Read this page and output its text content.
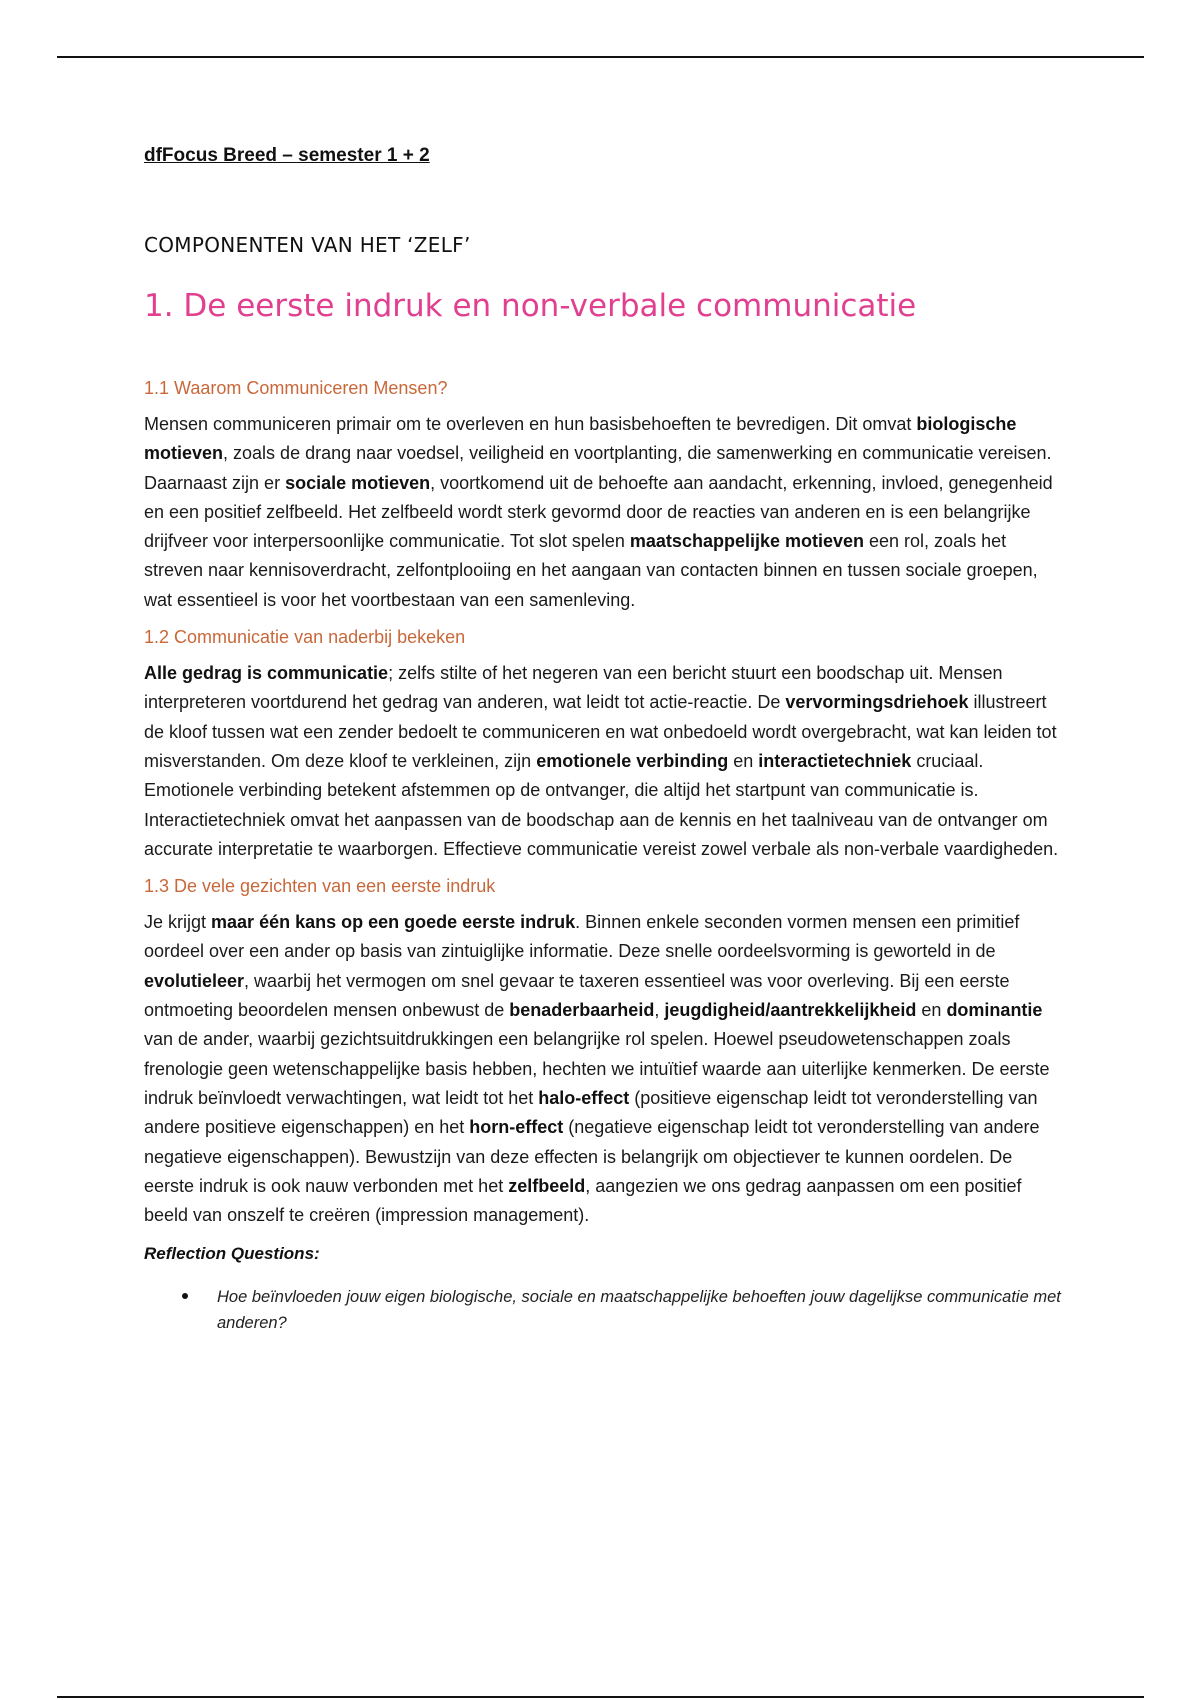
dfFocus Breed – semester 1 + 2

COMPONENTEN VAN HET ‘ZELF’

1. De eerste indruk en non-verbale communicatie
1.1 Waarom Communiceren Mensen?

Mensen communiceren primair om te overleven en hun basisbehoeften te bevredigen. Dit omvat biologische motieven, zoals de drang naar voedsel, veiligheid en voortplanting, die samenwerking en communicatie vereisen. Daarnaast zijn er sociale motieven, voortkomend uit de behoefte aan aandacht, erkenning, invloed, genegenheid en een positief zelfbeeld. Het zelfbeeld wordt sterk gevormd door de reacties van anderen en is een belangrijke drijfveer voor interpersoonlijke communicatie. Tot slot spelen maatschappelijke motieven een rol, zoals het streven naar kennisoverdracht, zelfontplooiing en het aangaan van contacten binnen en tussen sociale groepen, wat essentieel is voor het voortbestaan van een samenleving.

1.2 Communicatie van naderbij bekeken

Alle gedrag is communicatie; zelfs stilte of het negeren van een bericht stuurt een boodschap uit. Mensen interpreteren voortdurend het gedrag van anderen, wat leidt tot actie-reactie. De vervormingsdriehoek illustreert de kloof tussen wat een zender bedoelt te communiceren en wat onbedoeld wordt overgebracht, wat kan leiden tot misverstanden. Om deze kloof te verkleinen, zijn emotionele verbinding en interactietechniek cruciaal. Emotionele verbinding betekent afstemmen op de ontvanger, die altijd het startpunt van communicatie is. Interactietechniek omvat het aanpassen van de boodschap aan de kennis en het taalniveau van de ontvanger om accurate interpretatie te waarborgen. Effectieve communicatie vereist zowel verbale als non-verbale vaardigheden.

1.3 De vele gezichten van een eerste indruk

Je krijgt maar één kans op een goede eerste indruk. Binnen enkele seconden vormen mensen een primitief oordeel over een ander op basis van zintuiglijke informatie. Deze snelle oordeelsvorming is geworteld in de evolutieleer, waarbij het vermogen om snel gevaar te taxeren essentieel was voor overleving. Bij een eerste ontmoeting beoordelen mensen onbewust de benaderbaarheid, jeugdigheid/aantrekkelijkheid en dominantie van de ander, waarbij gezichtsuitdrukkingen een belangrijke rol spelen. Hoewel pseudowetenschappen zoals frenologie geen wetenschappelijke basis hebben, hechten we intuïtief waarde aan uiterlijke kenmerken. De eerste indruk beïnvloedt verwachtingen, wat leidt tot het halo-effect (positieve eigenschap leidt tot veronderstelling van andere positieve eigenschappen) en het horn-effect (negatieve eigenschap leidt tot veronderstelling van andere negatieve eigenschappen). Bewustzijn van deze effecten is belangrijk om objectiever te kunnen oordelen. De eerste indruk is ook nauw verbonden met het zelfbeeld, aangezien we ons gedrag aanpassen om een positief beeld van onszelf te creëren (impression management).

Reflection Questions:

Hoe beïnvloeden jouw eigen biologische, sociale en maatschappelijke behoeften jouw dagelijkse communicatie met anderen?
